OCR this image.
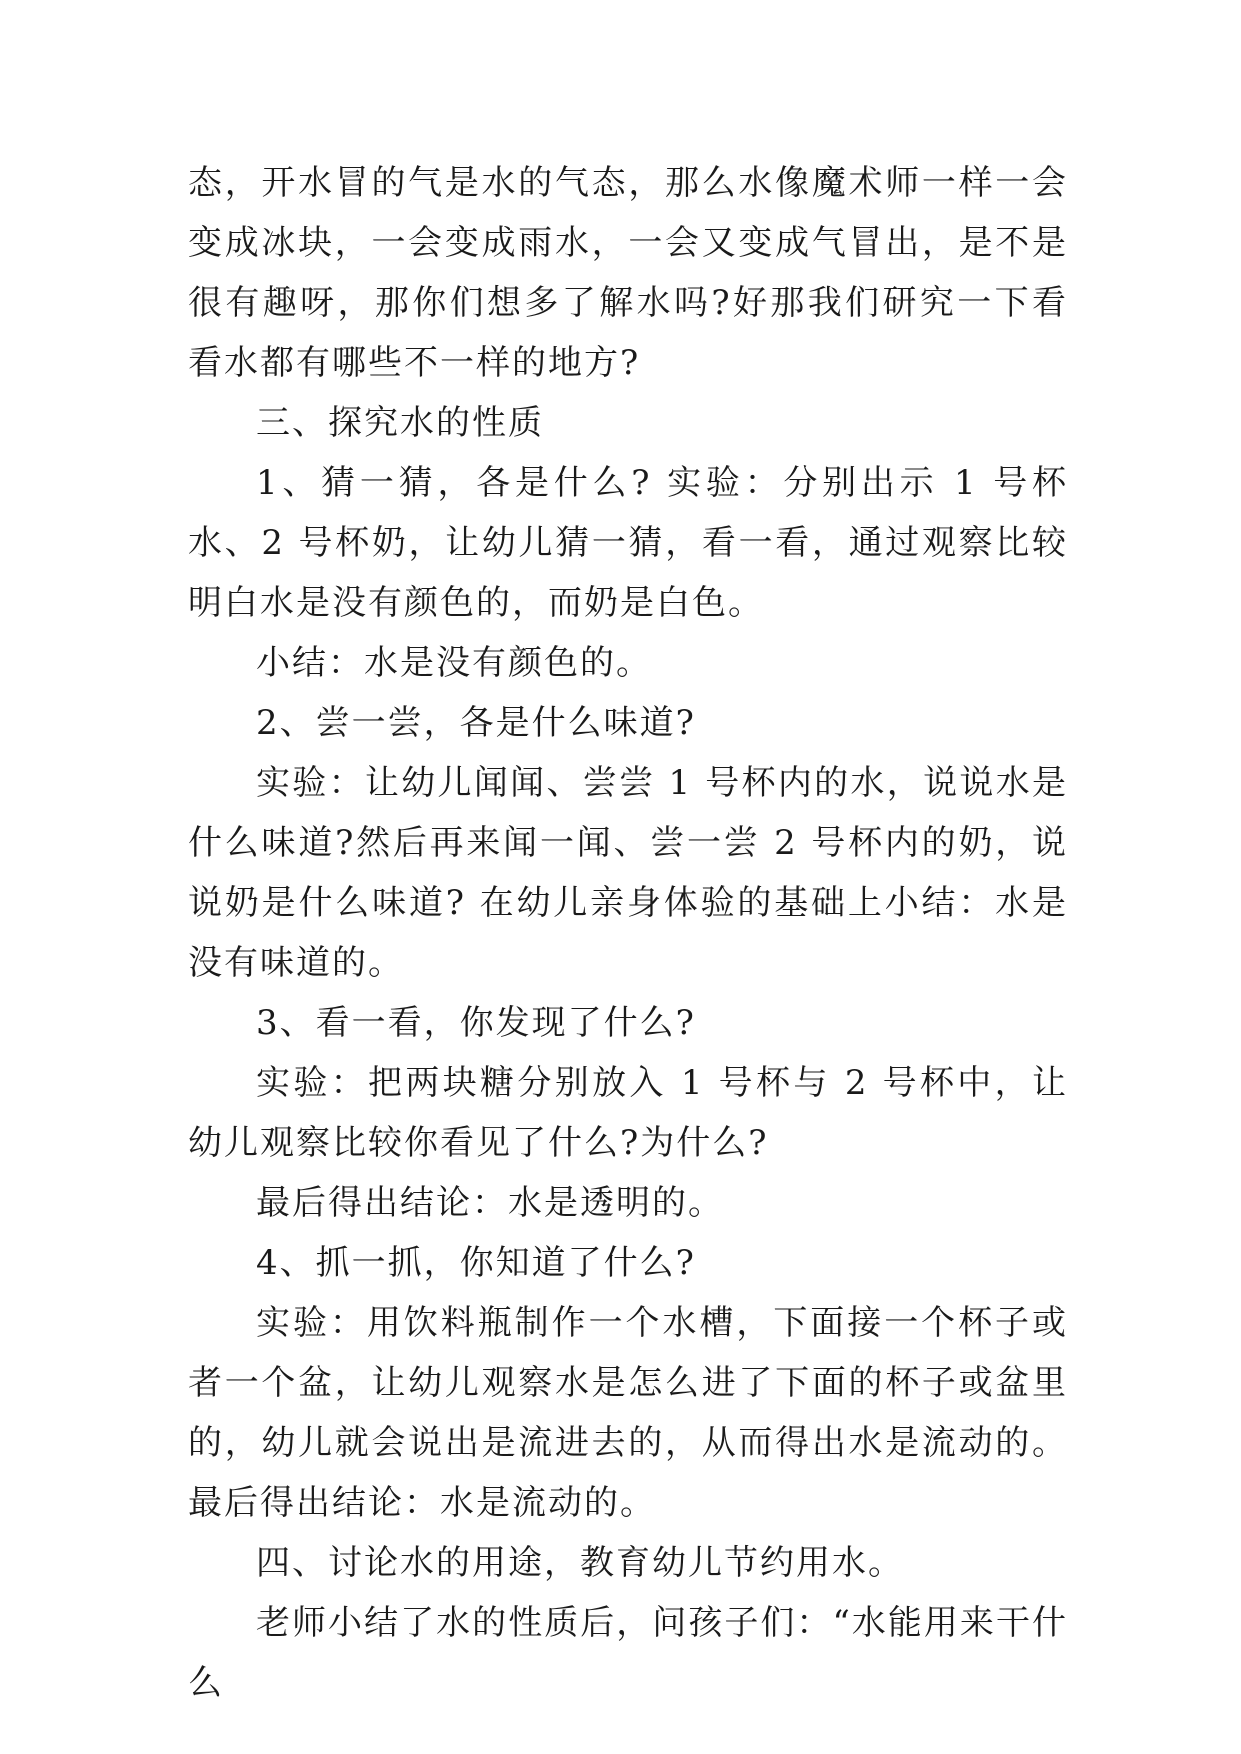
态，开水冒的气是水的气态，那么水像魔术师一样一会变成冰块，一会变成雨水，一会又变成气冒出，是不是很有趣呀，那你们想多了解水吗?好那我们研究一下看看水都有哪些不一样的地方?

三、探究水的性质

1、猜一猜，各是什么? 实验：分别出示 1 号杯水、2 号杯奶，让幼儿猜一猜，看一看，通过观察比较明白水是没有颜色的，而奶是白色。

小结：水是没有颜色的。

2、尝一尝，各是什么味道?

实验：让幼儿闻闻、尝尝 1 号杯内的水，说说水是什么味道?然后再来闻一闻、尝一尝 2 号杯内的奶，说说奶是什么味道? 在幼儿亲身体验的基础上小结：水是没有味道的。

3、看一看，你发现了什么?

实验：把两块糖分别放入 1 号杯与 2 号杯中，让幼儿观察比较你看见了什么?为什么?

最后得出结论：水是透明的。

4、抓一抓，你知道了什么?

实验：用饮料瓶制作一个水槽，下面接一个杯子或者一个盆，让幼儿观察水是怎么进了下面的杯子或盆里的，幼儿就会说出是流进去的，从而得出水是流动的。 最后得出结论：水是流动的。

四、讨论水的用途，教育幼儿节约用水。

老师小结了水的性质后，问孩子们：“水能用来干什么
